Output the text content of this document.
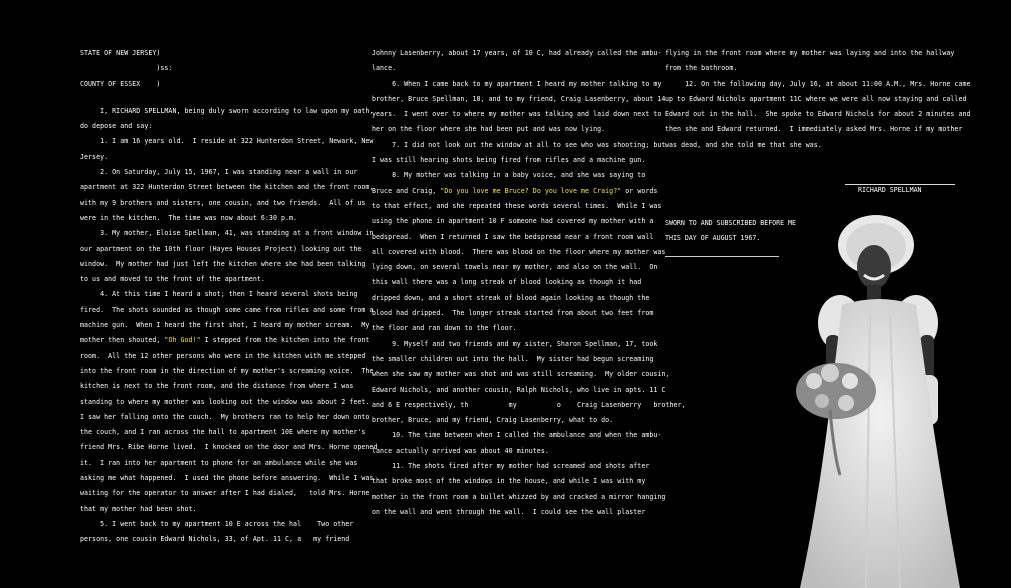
STATE OF NEW JERSEY)

)ss:

COUNTY OF ESSEX    )

I, RICHARD SPELLMAN, being duly sworn according to law upon my oath,

do depose and say:

1. I am 16 years old.  I reside at 322 Hunterdon Street, Newark, New

Jersey.

2. On Saturday, July 15, 1967, I was standing near a wall in our

apartment at 322 Hunterdon Street between the kitchen and the front room,

with my 9 brothers and sisters, one cousin, and two friends.  All of us

were in the kitchen.  The time was now about 6:30 p.m.

3. My mother, Eloise Spellman, 41, was standing at a front window in

our apartment on the 10th floor (Hayes Houses Project) looking out the

window.  My mother had just left the kitchen where she had been talking

to us and moved to the front of the apartment.

4. At this time I heard a shot; then I heard several shots being

fired.  The shots sounded as though some came from rifles and some from a

machine gun.  When I heard the first shot, I heard my mother scream.  My

mother then shouted, "Oh God!" I stepped from the kitchen into the front

room.  All the 12 other persons who were in the kitchen with me stepped

into the front room in the direction of my mother's screaming voice.  The

kitchen is next to the front room, and the distance from where I was

standing to where my mother was looking out the window was about 2 feet.

I saw her falling onto the couch.  My brothers ran to help her down onto

the couch, and I ran across the hall to apartment 10E where my mother's

friend Mrs. Ribe Horne lived.  I knocked on the door and Mrs. Horne opened

it.  I ran into her apartment to phone for an ambulance while she was

asking me what happened.  I used the phone before answering.  While I was

waiting for the operator to answer after I had dialed,   told Mrs. Horne

that my mother had been shot.

5. I went back to my apartment 10 E across the hal    Two other

persons, one cousin Edward Nichols, 33, of Apt. 11 C, a   my friend

Johnny Lasenberry, about 17 years, of 10 C, had already called the ambu-

lance.

6. When I came back to my apartment I heard my mother talking to my

brother, Bruce Spellman, 18, and to my friend, Craig Lasenberry, about 14

years.  I went over to where my mother was talking and laid down next to

her on the floor where she had been put and was now lying.

7. I did not look out the window at all to see who was shooting; but

I was still hearing shots being fired from rifles and a machine gun.

8. My mother was talking in a baby voice, and she was saying to

Bruce and Craig, "Do you love me Bruce? Do you love me Craig?" or words

to that effect, and she repeated these words several times.  While I was

using the phone in apartment 10 F someone had covered my mother with a

bedspread.  When I returned I saw the bedspread near a front room wall

all covered with blood.  There was blood on the floor where my mother was

lying down, on several towels near my mother, and also on the wall.  On

this wall there was a long streak of blood looking as though it had

dripped down, and a short streak of blood again looking as though the

blood had dripped.  The longer streak started from about two feet from

the floor and ran down to the floor.

9. Myself and two friends and my sister, Sharon Spellman, 17, took

the smaller children out into the hall.  My sister had begun screaming

when she saw my mother was shot and was still screaming.  My older cousin,

Edward Nichols, and another cousin, Ralph Nichols, who live in apts. 11 C

and 6 E respectively, th          my          o    Craig Lasenberry   brother,

brother, Bruce, and my friend, Craig Lasenberry, what to do.

10. The time between when I called the ambulance and when the ambu-

lance actually arrived was about 40 minutes.

11. The shots fired after my mother had screamed and shots after

that broke most of the windows in the house, and while I was with my

mother in the front room a bullet whizzed by and cracked a mirror hanging

on the wall and went through the wall.  I could see the wall plaster

flying in the front room where my mother was laying and into the hallway

from the bathroom.

12. On the following day, July 16, at about 11:00 A.M., Mrs. Horne came

up to Edward Nichols apartment 11C where we were all now staying and called

Edward out in the hall.  She spoke to Edward Nichols for about 2 minutes and

then she and Edward returned.  I immediately asked Mrs. Horne if my mother

was dead, and she told me that she was.

RICHARD SPELLMAN

SWORN TO AND SUBSCRIBED BEFORE ME

THIS DAY OF AUGUST 1967.
